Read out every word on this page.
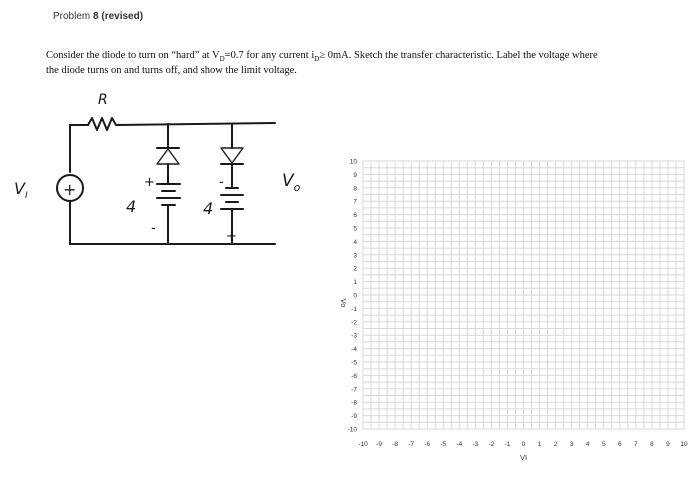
Problem 8 (revised)
Consider the diode to turn on “hard” at $V_D=0.7$ for any current $i_D\ge 0mA$. Sketch the transfer characteristic. Label the voltage where
the diode turns on and turns off, and show the limit voltage.
$V_I$
R
+	+
-
4
-
+
4
$V_o$
10
9
8
7
6
5
4
3
2
1
0
-1
-2
-3
-4
-5
-6
-7
-8
-9
-10
-10 -9 -8 -7 -6 -5 -4 -3 -2 -1 0 1 2 3 4 5 6 7 8 9 10
VI
Vo
